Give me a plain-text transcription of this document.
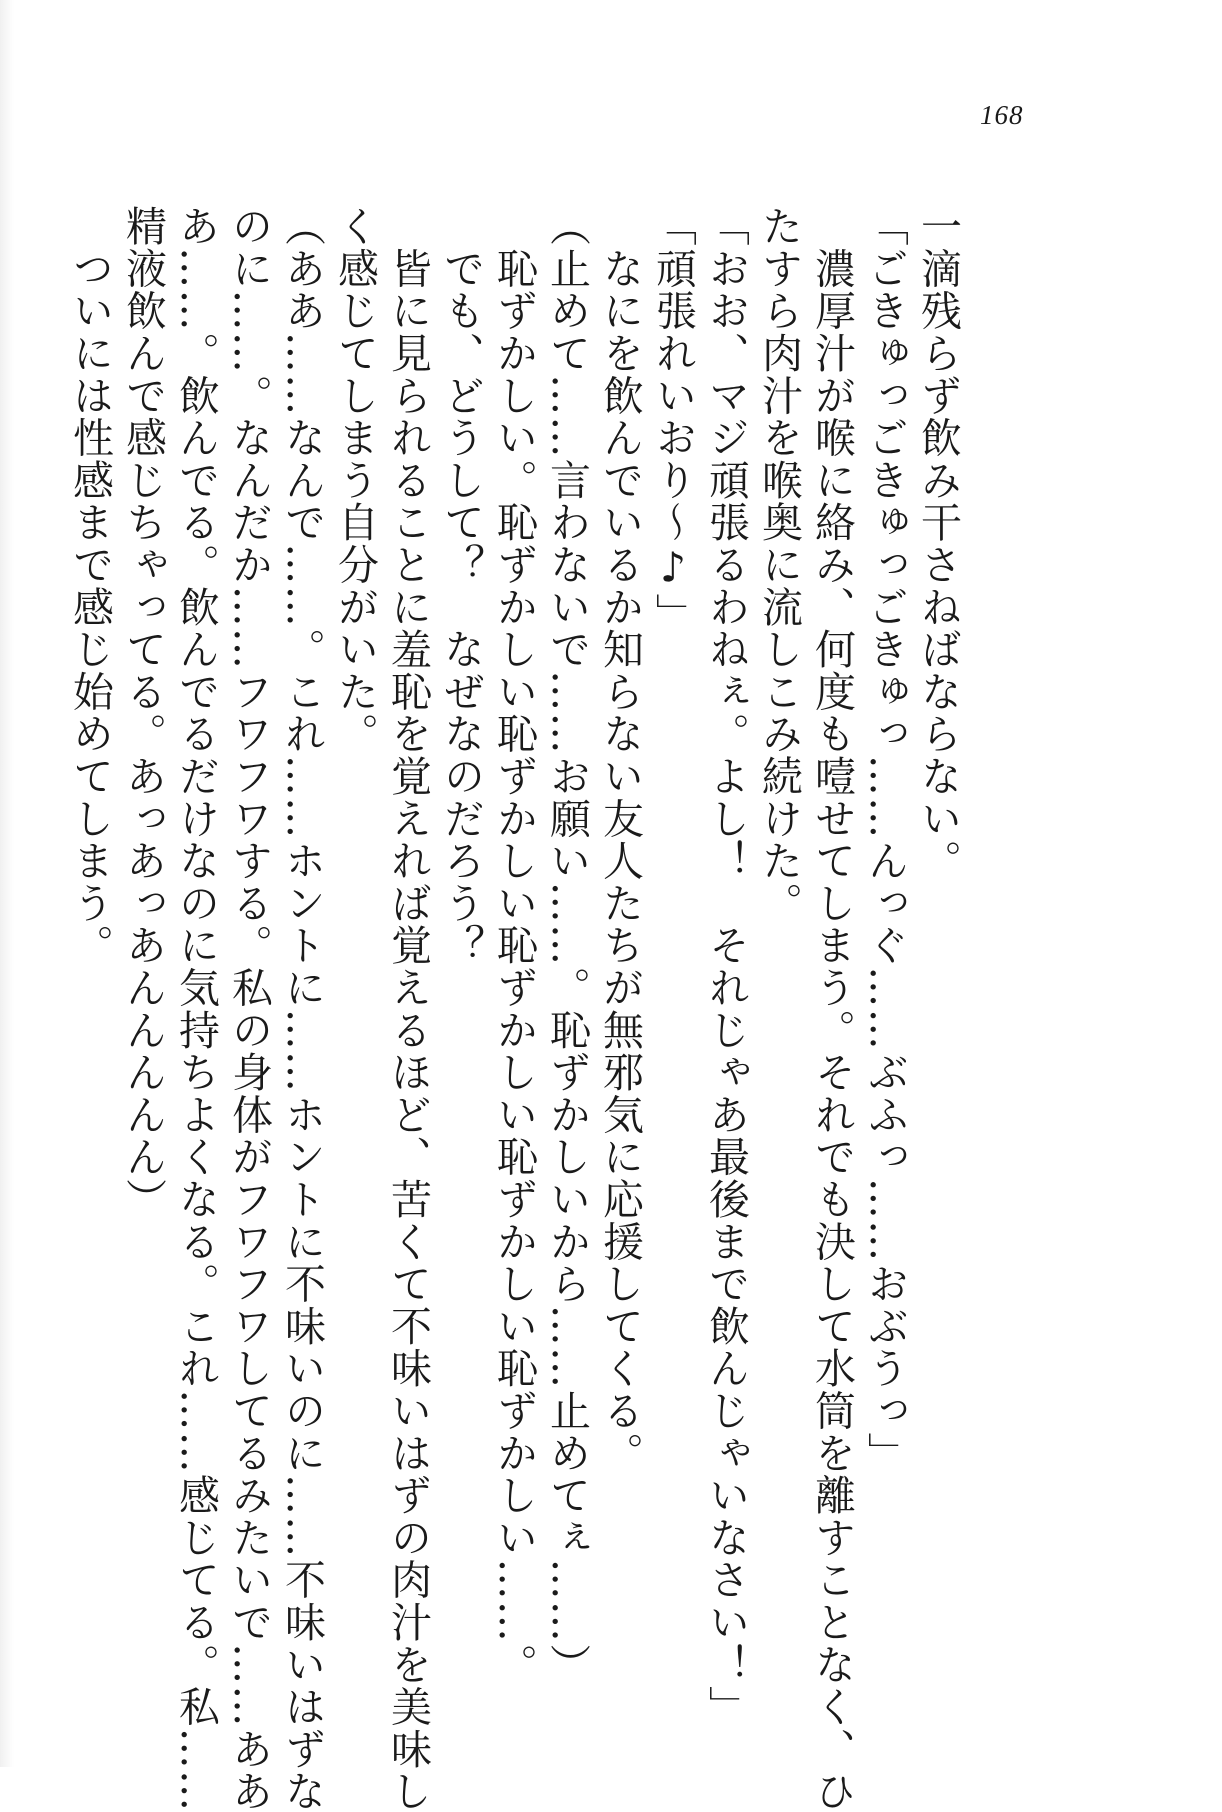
168
一滴残らず飲み干さねばならない。
「ごきゅっごきゅっごきゅっ……んっぐ……ぶふっ……おぶうっ」
　濃厚汁が喉に絡み、何度も噎せてしまう。それでも決して水筒を離すことなく、ひ
たすら肉汁を喉奥に流しこみ続けた。
「おお、マジ頑張るわねぇ。よし！　それじゃあ最後まで飲んじゃいなさい！」
「頑張れいおり〜♪」
　なにを飲んでいるか知らない友人たちが無邪気に応援してくる。
（止めて……言わないで……お願い……。恥ずかしいから……止めてぇ……）
　恥ずかしい。恥ずかしい恥ずかしい恥ずかしい恥ずかしい恥ずかしい……。
　でも、どうして？　なぜなのだろう？
　皆に見られることに羞恥を覚えれば覚えるほど、苦くて不味いはずの肉汁を美味し
く感じてしまう自分がいた。
（ああ……なんで……。これ……ホントに……ホントに不味いのに……不味いはずな
のに……。なんだか……フワフワする。私の身体がフワフワしてるみたいで……ああ
あ……。飲んでる。飲んでるだけなのに気持ちよくなる。これ……感じてる。私……
精液飲んで感じちゃってる。あっあっあんんんんん）
　ついには性感まで感じ始めてしまう。
